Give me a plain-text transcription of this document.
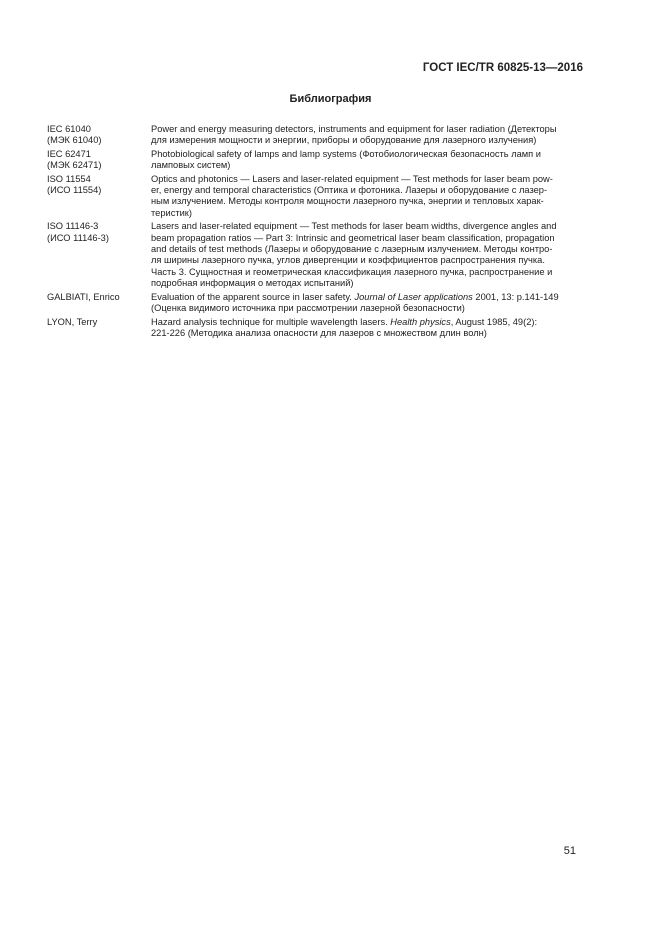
ГОСТ IEC/TR 60825-13—2016
Библиография
IEC 61040
(МЭК 61040)

Power and energy measuring detectors, instruments and equipment for laser radiation (Детекторы

для измерения мощности и энергии, приборы и оборудование для лазерного излучения)

IEC 62471
(МЭК 62471)

Photobiological safety of lamps and lamp systems (Фотобиологическая безопасность ламп и

ламповых систем)

ISO 11554
(ИСО 11554)

Optics and photonics — Lasers and laser-related equipment — Test methods for laser beam pow-

er, energy and temporal characteristics (Оптика и фотоника. Лазеры и оборудование с лазер-

ным излучением. Методы контроля мощности лазерного пучка, энергии и тепловых харак-

теристик)

ISO 11146-3
(ИСО 11146-3)

Lasers and laser-related equipment — Test methods for laser beam widths, divergence angles and

beam propagation ratios — Part 3: Intrinsic and geometrical laser beam classification, propagation

and details of test methods (Лазеры и оборудование с лазерным излучением. Методы контро-

ля ширины лазерного пучка, углов дивергенции и коэффициентов распространения пучка.

Часть 3. Сущностная и геометрическая классификация лазерного пучка, распространение и

подробная информация о методах испытаний)

GALBIATI, Enrico	Evaluation of the apparent source in laser safety. Journal of Laser applications 2001, 13: p.141-149

(Оценка видимого источника при рассмотрении лазерной безопасности)

LYON, Terry	Hazard analysis technique for multiple wavelength lasers. Health physics, August 1985, 49(2):

221-226 (Методика анализа опасности для лазеров с множеством длин волн)

51
